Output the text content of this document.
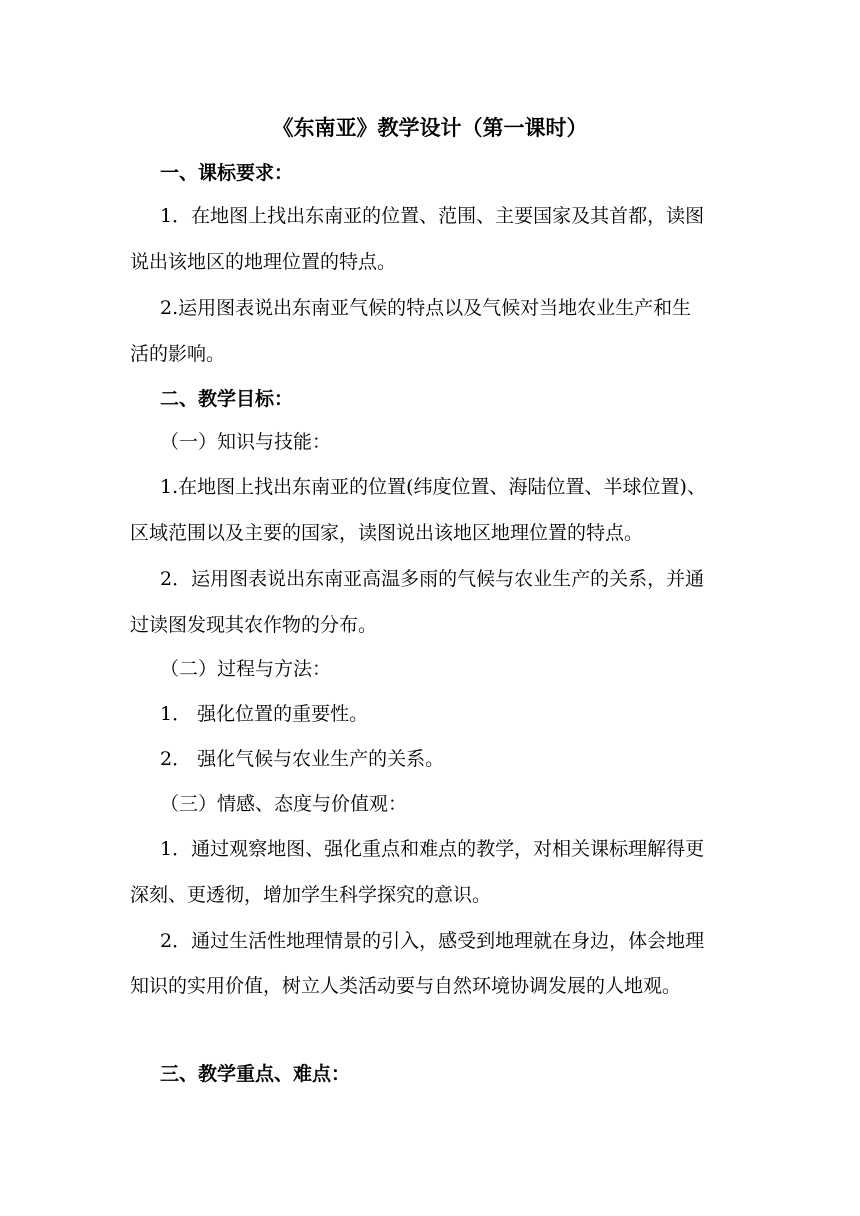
《东南亚》教学设计（第一课时）
一、课标要求：
1．在地图上找出东南亚的位置、范围、主要国家及其首都，读图
说出该地区的地理位置的特点。
2.运用图表说出东南亚气候的特点以及气候对当地农业生产和生
活的影响。
二、教学目标：
（一）知识与技能：
1.在地图上找出东南亚的位置(纬度位置、海陆位置、半球位置)、
区域范围以及主要的国家，读图说出该地区地理位置的特点。
2．运用图表说出东南亚高温多雨的气候与农业生产的关系，并通
过读图发现其农作物的分布。
（二）过程与方法：
1． 强化位置的重要性。
2． 强化气候与农业生产的关系。
（三）情感、态度与价值观：
1．通过观察地图、强化重点和难点的教学，对相关课标理解得更
深刻、更透彻，增加学生科学探究的意识。
2．通过生活性地理情景的引入，感受到地理就在身边，体会地理
知识的实用价值，树立人类活动要与自然环境协调发展的人地观。
三、教学重点、难点：
